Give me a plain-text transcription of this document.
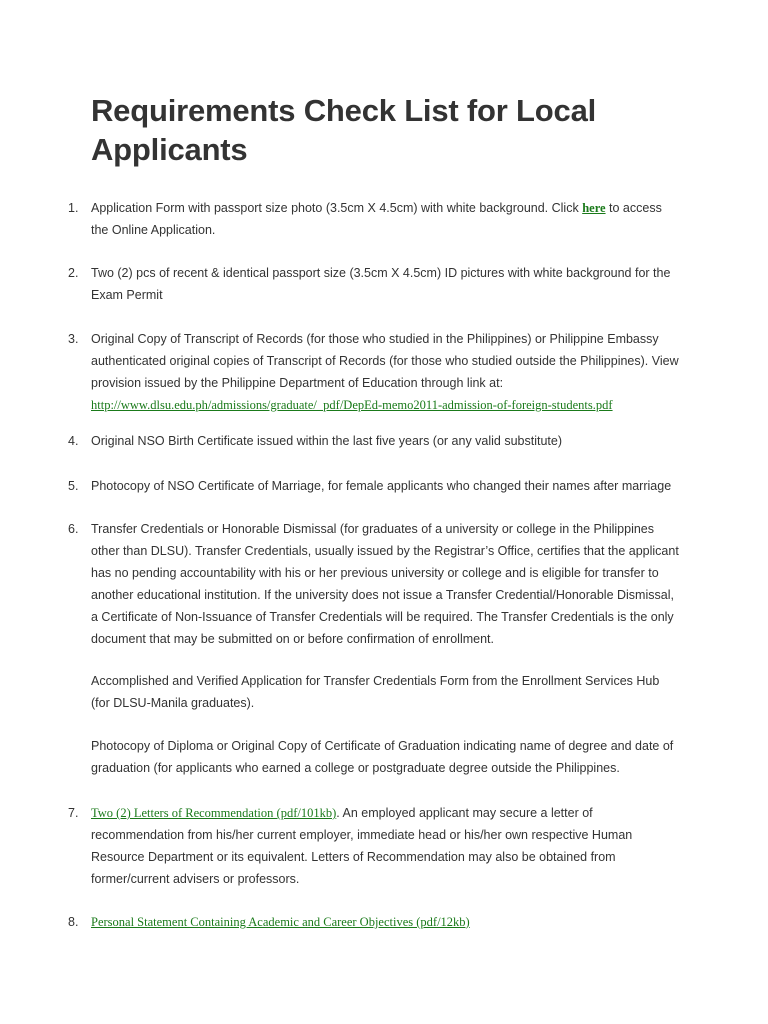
Requirements Check List for Local Applicants
1. Application Form with passport size photo (3.5cm X 4.5cm) with white background. Click here to access the Online Application.

2. Two (2) pcs of recent & identical passport size (3.5cm X 4.5cm) ID pictures with white background for the Exam Permit

3. Original Copy of Transcript of Records (for those who studied in the Philippines) or Philippine Embassy authenticated original copies of Transcript of Records (for those who studied outside the Philippines). View provision issued by the Philippine Department of Education through link at: http://www.dlsu.edu.ph/admissions/graduate/_pdf/DepEd-memo2011-admission-of-foreign-students.pdf

4. Original NSO Birth Certificate issued within the last five years (or any valid substitute)

5. Photocopy of NSO Certificate of Marriage, for female applicants who changed their names after marriage

6. Transfer Credentials or Honorable Dismissal (for graduates of a university or college in the Philippines other than DLSU). Transfer Credentials, usually issued by the Registrar’s Office, certifies that the applicant has no pending accountability with his or her previous university or college and is eligible for transfer to another educational institution. If the university does not issue a Transfer Credential/Honorable Dismissal, a Certificate of Non-Issuance of Transfer Credentials will be required. The Transfer Credentials is the only document that may be submitted on or before confirmation of enrollment.

Accomplished and Verified Application for Transfer Credentials Form from the Enrollment Services Hub (for DLSU-Manila graduates).

Photocopy of Diploma or Original Copy of Certificate of Graduation indicating name of degree and date of graduation (for applicants who earned a college or postgraduate degree outside the Philippines.

7. Two (2) Letters of Recommendation (pdf/101kb). An employed applicant may secure a letter of recommendation from his/her current employer, immediate head or his/her own respective Human Resource Department or its equivalent. Letters of Recommendation may also be obtained from former/current advisers or professors.

8. Personal Statement Containing Academic and Career Objectives (pdf/12kb)
